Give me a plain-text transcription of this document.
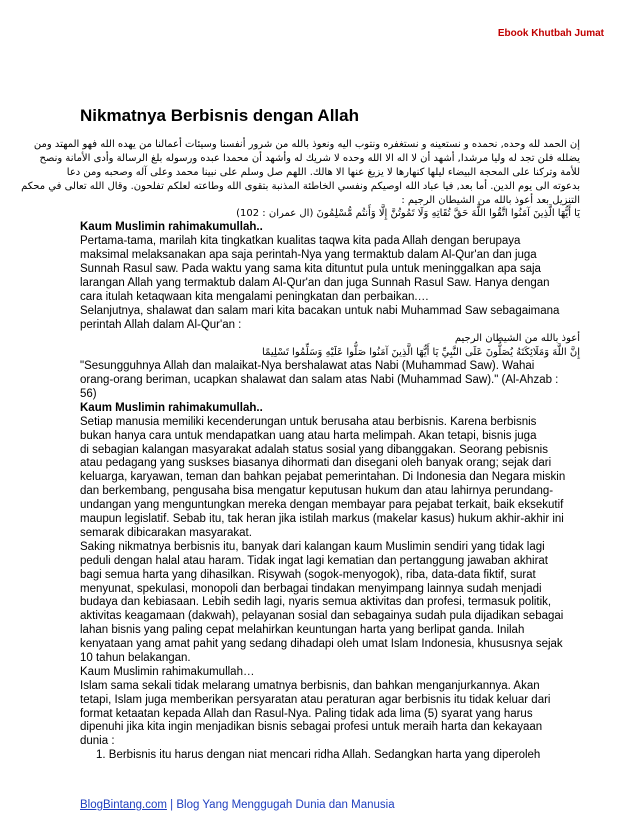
Ebook Khutbah Jumat
Nikmatnya Berbisnis dengan Allah
إن الحمد لله وحده, نحمده و نستعينه و نستغفره ونتوب اليه ونعوذ بالله من شرور أنفسنا وسيئات أعمالنا من يهده الله فهو المهتد ومن
يضلله فلن تجد له وليا مرشدا, أشهد أن لا اله الا الله وحده لا شريك له وأشهد أن محمدا عبده ورسوله بلغ الرسالة وأدى الأمانة ونصح
للأمة وتركنا على المحجة البيضاء ليلها كنهارها لا يزيغ عنها الا هالك. اللهم صل وسلم على نبينا محمد وعلى آله وصحبه ومن دعا
بدعوته الى يوم الدين. أما بعد, فيا عباد الله اوصيكم ونفسي الخاطئة المذنبة بتقوى الله وطاعته لعلكم تفلحون. وقال الله تعالى في محكم
التنزيل بعد أعوذ بالله من الشيطان الرجيم :
يَا أَيُّهَا الَّذِينَ آمَنُوا اتَّقُوا اللَّهَ حَقَّ تُقَاتِهِ وَلَا تَمُوتُنَّ إِلَّا وَأَنتُم مُّسْلِمُونَ (ال عمران : 102)
Kaum Muslimin rahimakumullah..
Pertama-tama, marilah kita tingkatkan kualitas taqwa kita pada Allah dengan berupaya
maksimal melaksanakan apa saja perintah-Nya yang termaktub dalam Al-Qur'an dan juga
Sunnah Rasul saw. Pada waktu yang sama kita dituntut pula untuk meninggalkan apa saja
larangan Allah yang termaktub dalam Al-Qur'an dan juga Sunnah Rasul Saw. Hanya dengan
cara itulah ketaqwaan kita mengalami peningkatan dan perbaikan.…
Selanjutnya, shalawat dan salam mari kita bacakan untuk nabi Muhammad Saw sebagaimana
perintah Allah dalam Al-Qur'an :
أعوذ بالله من الشيطان الرجيم
إِنَّ اللَّهَ وَمَلَائِكَتَهُ يُصَلُّونَ عَلَى النَّبِيِّ يَا أَيُّهَا الَّذِينَ آمَنُوا صَلُّوا عَلَيْهِ وَسَلِّمُوا تَسْلِيمًا
"Sesungguhnya Allah dan malaikat-Nya bershalawat atas Nabi (Muhammad Saw). Wahai
orang-orang beriman, ucapkan shalawat dan salam atas Nabi (Muhammad Saw)." (Al-Ahzab :
56)
Kaum Muslimin rahimakumullah..
Setiap manusia memiliki kecenderungan untuk berusaha atau berbisnis. Karena berbisnis
bukan hanya cara untuk mendapatkan uang atau harta melimpah. Akan tetapi, bisnis juga
di sebagian kalangan masyarakat adalah status sosial yang dibanggakan. Seorang pebisnis
atau pedagang yang suskses biasanya dihormati dan disegani oleh banyak orang; sejak dari
keluarga, karyawan, teman dan bahkan pejabat pemerintahan. Di Indonesia dan Negara miskin
dan berkembang, pengusaha bisa mengatur keputusan hukum dan atau lahirnya perundang-
undangan yang menguntungkan mereka dengan membayar para pejabat terkait, baik eksekutif
maupun legislatif. Sebab itu, tak heran jika istilah markus (makelar kasus) hukum akhir-akhir ini
semarak dibicarakan masyarakat.
Saking nikmatnya berbisnis itu, banyak dari kalangan kaum Muslimin sendiri yang tidak lagi
peduli dengan halal atau haram. Tidak ingat lagi kematian dan pertanggung jawaban akhirat
bagi semua harta yang dihasilkan. Risywah (sogok-menyogok), riba, data-data fiktif, surat
menyunat, spekulasi, monopoli dan berbagai tindakan menyimpang lainnya sudah menjadi
budaya dan kebiasaan. Lebih sedih lagi, nyaris semua aktivitas dan profesi, termasuk politik,
aktivitas keagamaan (dakwah), pelayanan sosial dan sebagainya sudah pula dijadikan sebagai
lahan bisnis yang paling cepat melahirkan keuntungan harta yang berlipat ganda. Inilah
kenyataan yang amat pahit yang sedang dihadapi oleh umat Islam Indonesia, khususnya sejak
10 tahun belakangan.
Kaum Muslimin rahimakumullah…
Islam sama sekali tidak melarang umatnya berbisnis, dan bahkan menganjurkannya. Akan
tetapi, Islam juga memberikan persyaratan atau peraturan agar berbisnis itu tidak keluar dari
format ketaatan kepada Allah dan Rasul-Nya. Paling tidak ada lima (5) syarat yang harus
dipenuhi jika kita ingin menjadikan bisnis sebagai profesi untuk meraih harta dan kekayaan
dunia :
1. Berbisnis itu harus dengan niat mencari ridha Allah. Sedangkan harta yang diperoleh
BlogBintang.com | Blog Yang Menggugah Dunia dan Manusia
